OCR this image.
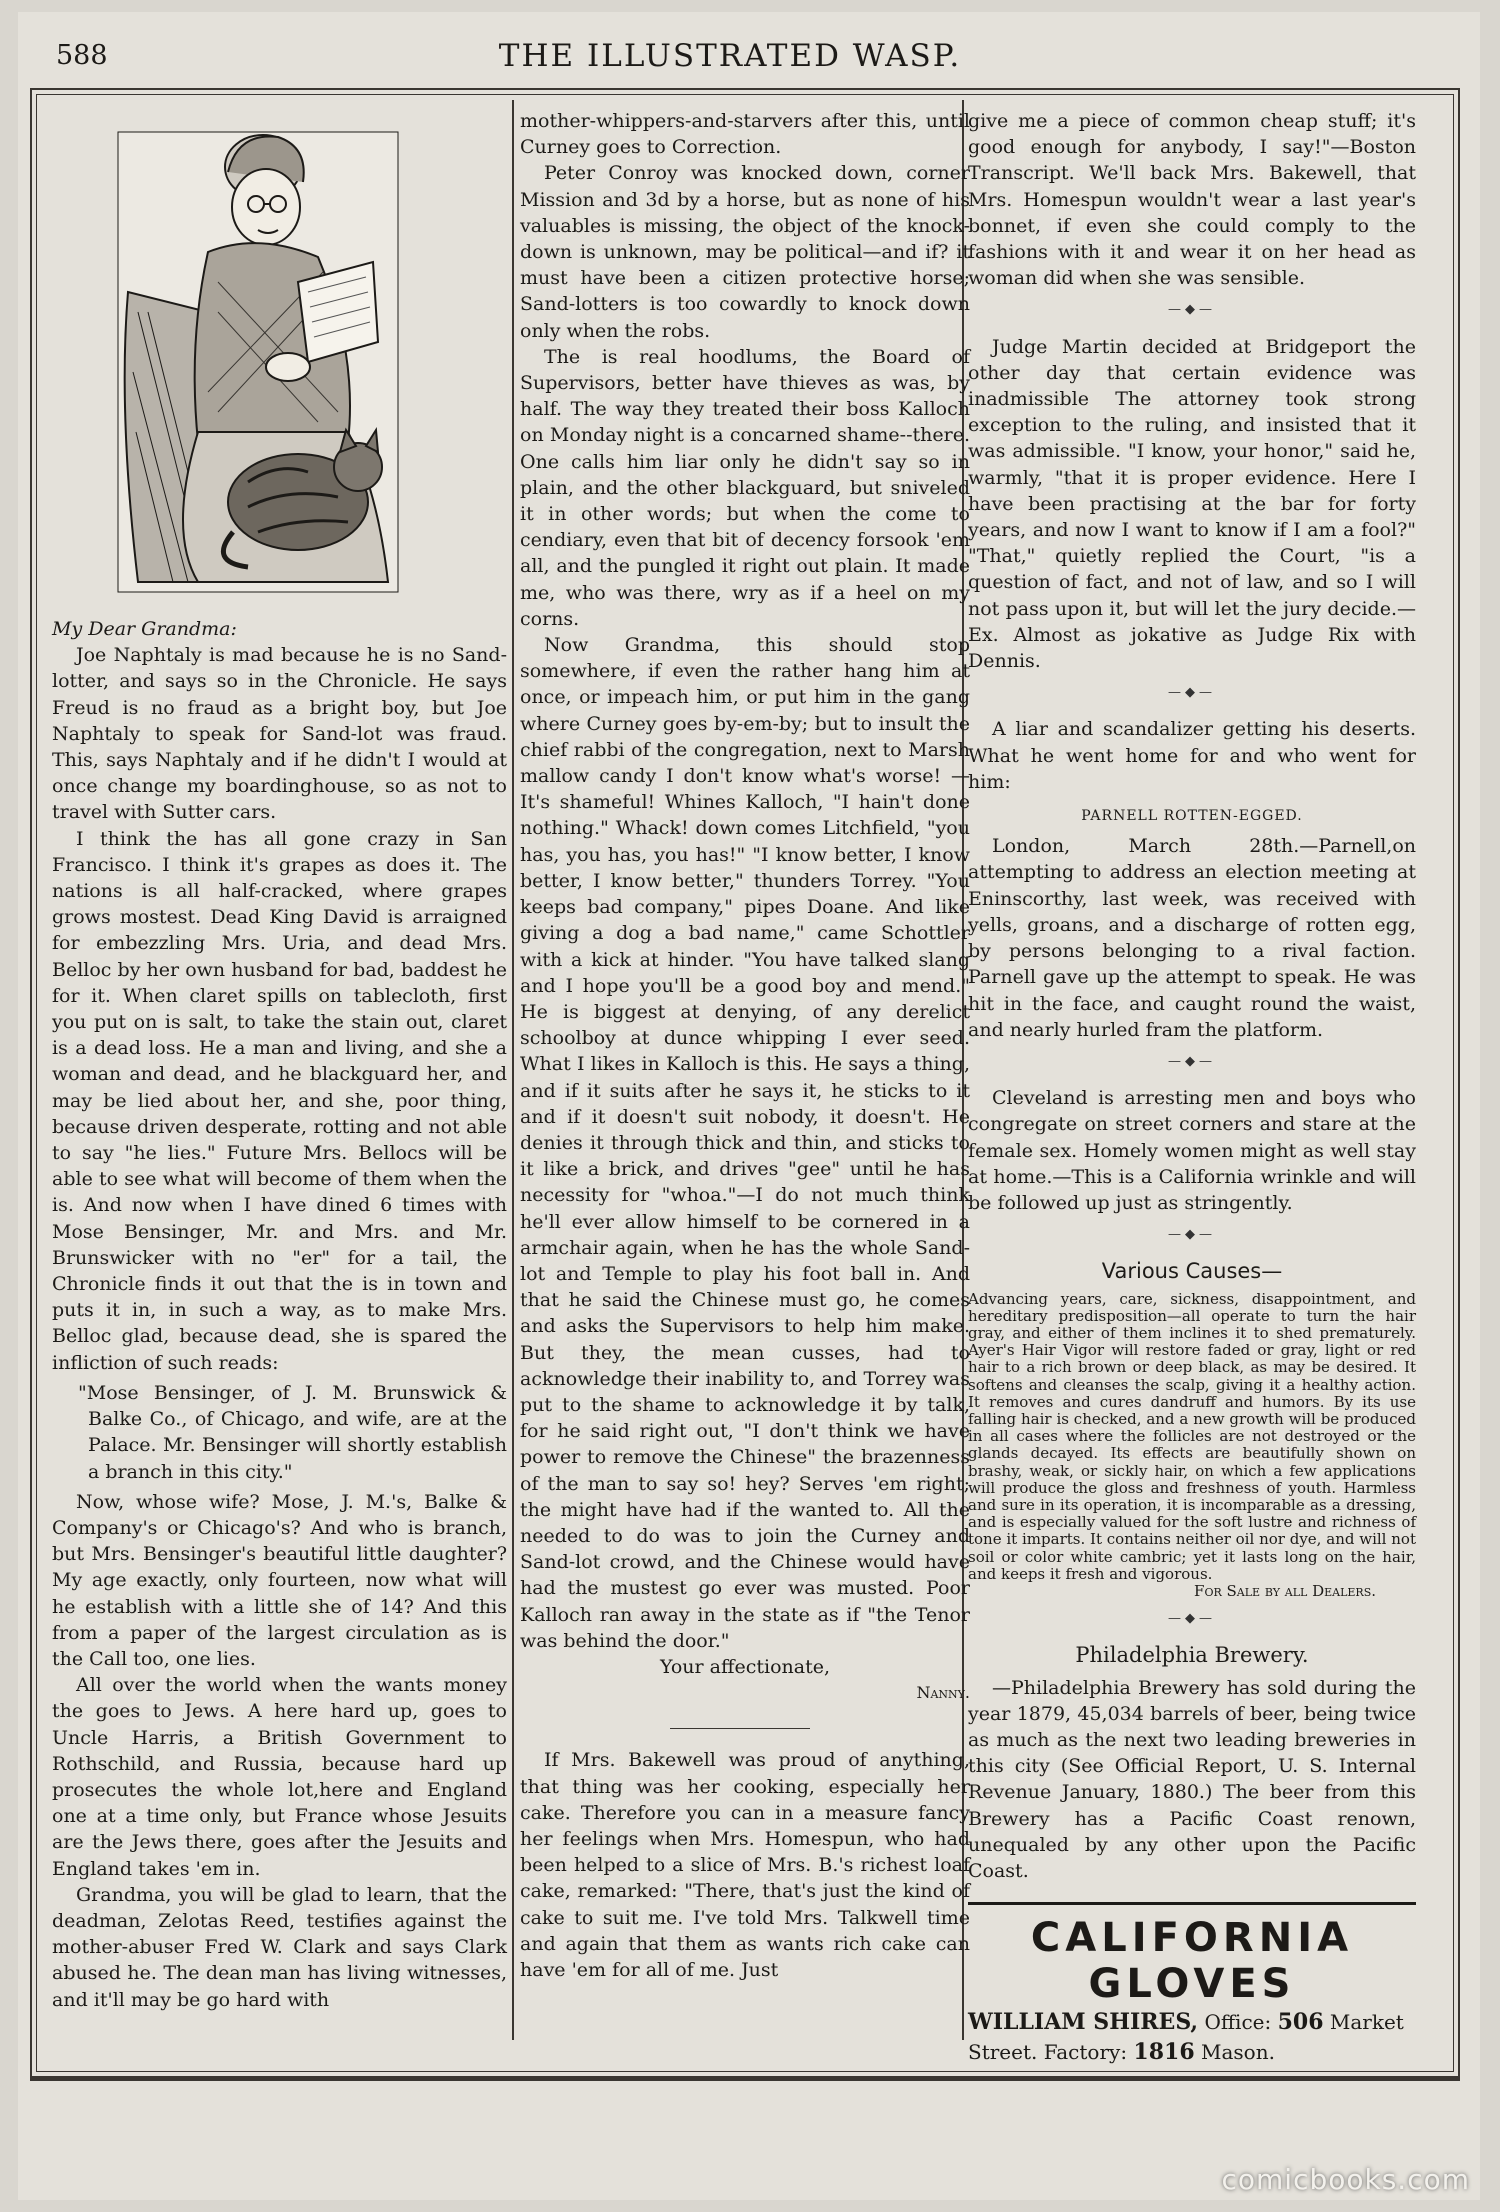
588	THE ILLUSTRATED WASP.

My Dear Grandma:

Joe Naphtaly is mad because he is no Sand-lotter, and says so in the Chronicle. He says Freud is no fraud as a bright boy, but Joe Naphtaly to speak for Sand-lot was fraud. This, says Naphtaly and if he didn't I would at once change my boardinghouse, so as not to travel with Sutter cars.

I think the has all gone crazy in San Francisco. I think it's grapes as does it. The nations is all half-cracked, where grapes grows mostest. Dead King David is arraigned for embezzling Mrs. Uria, and dead Mrs. Belloc by her own husband for bad, baddest he for it. When claret spills on tablecloth, first you put on is salt, to take the stain out, claret is a dead loss. He a man and living, and she a woman and dead, and he blackguard her, and may be lied about her, and she, poor thing, because driven desperate, rotting and not able to say "he lies." Future Mrs. Bellocs will be able to see what will become of them when the is. And now when I have dined 6 times with Mose Bensinger, Mr. and Mrs. and Mr. Brunswicker with no "er" for a tail, the Chronicle finds it out that the is in town and puts it in, in such a way, as to make Mrs. Belloc glad, because dead, she is spared the infliction of such reads:

"Mose Bensinger, of J. M. Brunswick & Balke Co., of Chicago, and wife, are at the Palace. Mr. Bensinger will shortly establish a branch in this city."

Now, whose wife? Mose, J. M.'s, Balke & Company's or Chicago's? And who is branch, but Mrs. Bensinger's beautiful little daughter? My age exactly, only fourteen, now what will he establish with a little she of 14? And this from a paper of the largest circulation as is the Call too, one lies.

All over the world when the wants money the goes to Jews. A here hard up, goes to Uncle Harris, a British Government to Rothschild, and Russia, because hard up prosecutes the whole lot,here and England one at a time only, but France whose Jesuits are the Jews there, goes after the Jesuits and England takes 'em in.

Grandma, you will be glad to learn, that the deadman, Zelotas Reed, testifies against the mother-abuser Fred W. Clark and says Clark abused he. The dean man has living witnesses, and it'll may be go hard with

mother-whippers-and-starvers after this, until Curney goes to Correction.

Peter Conroy was knocked down, corner Mission and 3d by a horse, but as none of his valuables is missing, the object of the knock-down is unknown, may be political—and if? it must have been a citizen protective horse; Sand-lotters is too cowardly to knock down only when the robs.

The is real hoodlums, the Board of Supervisors, better have thieves as was, by half. The way they treated their boss Kalloch on Monday night is a concarned shame--there. One calls him liar only he didn't say so in plain, and the other blackguard, but sniveled it in other words; but when the come to cendiary, even that bit of decency forsook 'em all, and the pungled it right out plain. It made me, who was there, wry as if a heel on my corns.

Now Grandma, this should stop somewhere, if even the rather hang him at once, or impeach him, or put him in the gang where Curney goes by-em-by; but to insult the chief rabbi of the congregation, next to Marsh mallow candy I don't know what's worse! —It's shameful! Whines Kalloch, "I hain't done nothing." Whack! down comes Litchfield, "you has, you has, you has!" "I know better, I know better, I know better," thunders Torrey. "You keeps bad company," pipes Doane. And like giving a dog a bad name," came Schottler with a kick at hinder. "You have talked slang and I hope you'll be a good boy and mend." He is biggest at denying, of any derelict schoolboy at dunce whipping I ever seed. What I likes in Kalloch is this. He says a thing, and if it suits after he says it, he sticks to it and if it doesn't suit nobody, it doesn't. He denies it through thick and thin, and sticks to it like a brick, and drives "gee" until he has necessity for "whoa."—I do not much think he'll ever allow himself to be cornered in a armchair again, when he has the whole Sand-lot and Temple to play his foot ball in. And that he said the Chinese must go, he comes and asks the Supervisors to help him make. But they, the mean cusses, had to acknowledge their inability to, and Torrey was put to the shame to acknowledge it by talk, for he said right out, "I don't think we have power to remove the Chinese" the brazenness of the man to say so! hey? Serves 'em right; the might have had if the wanted to. All the needed to do was to join the Curney and Sand-lot crowd, and the Chinese would have had the mustest go ever was musted. Poor Kalloch ran away in the state as if "the Tenor was behind the door."

Your affectionate,

Nanny.

If Mrs. Bakewell was proud of anything, that thing was her cooking, especially her cake. Therefore you can in a measure fancy her feelings when Mrs. Homespun, who had been helped to a slice of Mrs. B.'s richest loaf cake, remarked: "There, that's just the kind of cake to suit me. I've told Mrs. Talkwell time and again that them as wants rich cake can have 'em for all of me. Just

give me a piece of common cheap stuff; it's good enough for anybody, I say!"—Boston Transcript. We'll back Mrs. Bakewell, that Mrs. Homespun wouldn't wear a last year's bonnet, if even she could comply to the fashions with it and wear it on her head as woman did when she was sensible.

—◆—

Judge Martin decided at Bridgeport the other day that certain evidence was inadmissible The attorney took strong exception to the ruling, and insisted that it was admissible. "I know, your honor," said he, warmly, "that it is proper evidence. Here I have been practising at the bar for forty years, and now I want to know if I am a fool?" "That," quietly replied the Court, "is a question of fact, and not of law, and so I will not pass upon it, but will let the jury decide.—Ex. Almost as jokative as Judge Rix with Dennis.

—◆—

A liar and scandalizer getting his deserts. What he went home for and who went for him:

PARNELL ROTTEN-EGGED.

London, March 28th.—Parnell,on attempting to address an election meeting at Eninscorthy, last week, was received with yells, groans, and a discharge of rotten egg, by persons belonging to a rival faction. Parnell gave up the attempt to speak. He was hit in the face, and caught round the waist, and nearly hurled fram the platform.

—◆—

Cleveland is arresting men and boys who congregate on street corners and stare at the female sex. Homely women might as well stay at home.—This is a California wrinkle and will be followed up just as stringently.

—◆—
Various Causes—

Advancing years, care, sickness, disappointment, and hereditary predisposition—all operate to turn the hair gray, and either of them inclines it to shed prematurely. Ayer's Hair Vigor will restore faded or gray, light or red hair to a rich brown or deep black, as may be desired. It softens and cleanses the scalp, giving it a healthy action. It removes and cures dandruff and humors. By its use falling hair is checked, and a new growth will be produced in all cases where the follicles are not destroyed or the glands decayed. Its effects are beautifully shown on brashy, weak, or sickly hair, on which a few applications will produce the gloss and freshness of youth. Harmless and sure in its operation, it is incomparable as a dressing, and is especially valued for the soft lustre and richness of tone it imparts. It contains neither oil nor dye, and will not soil or color white cambric; yet it lasts long on the hair, and keeps it fresh and vigorous.

For Sale by all Dealers.

—◆—
Philadelphia Brewery.

—Philadelphia Brewery has sold during the year 1879, 45,034 barrels of beer, being twice as much as the next two leading breweries in this city (See Official Report, U. S. Internal Revenue January, 1880.) The beer from this Brewery has a Pacific Coast renown, unequaled by any other upon the Pacific Coast.

CALIFORNIA

GLOVES

WILLIAM SHIRES, Office: 506 Market Street. Factory: 1816 Mason.

comicbooks.com
